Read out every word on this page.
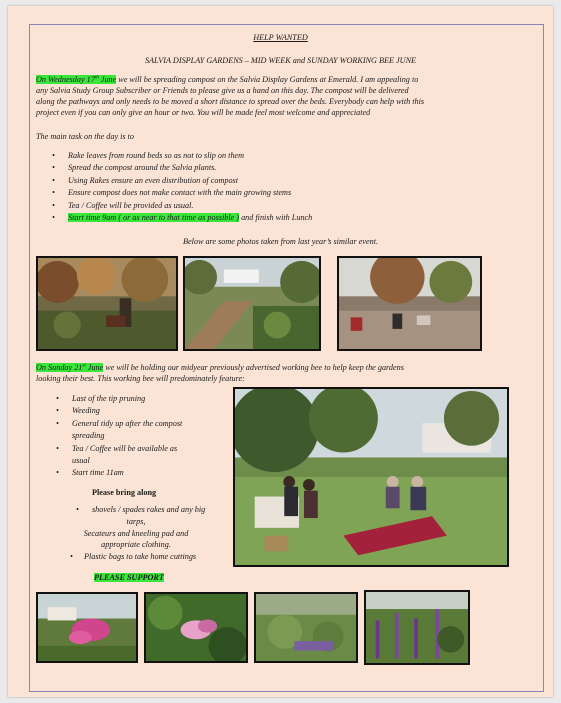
HELP WANTED
SALVIA DISPLAY GARDENS – MID WEEK and SUNDAY WORKING BEE JUNE
On Wednesday 17th June we will be spreading compost on the Salvia Display Gardens at Emerald. I am appealing to
any Salvia Study Group Subscriber or Friends to please give us a hand on this day. The compost will be delivered
along the pathways and only needs to be moved a short distance to spread over the beds. Everybody can help with this
project even if you can only give an hour or two. You will be made feel most welcome and appreciated
The main task on the day is to
• Rake leaves from round beds so as not to slip on them
• Spread the compost around the Salvia plants.
• Using Rakes ensure an even distribution of compost
• Ensure compost does not make contact with the main growing stems
• Tea / Coffee will be provided as usual.
• Start time 9am ( or as near to that time as possible ) and finish with Lunch
Below are some photos taken from last year’s similar event.
On Sunday 21st June we will be holding our midyear previously advertised working bee to help keep the gardens
looking their best. This working bee will predominately feature:
• Last of the tip pruning
• Weeding
• General tidy up after the compost
spreading
• Tea / Coffee will be available as
usual
• Start time 11am
Please bring along
• shovels / spades rakes and any big
tarps,
Secateurs and kneeling pad and
appropriate clothing.
• Plastic bags to take home cuttings
PLEASE SUPPORT
